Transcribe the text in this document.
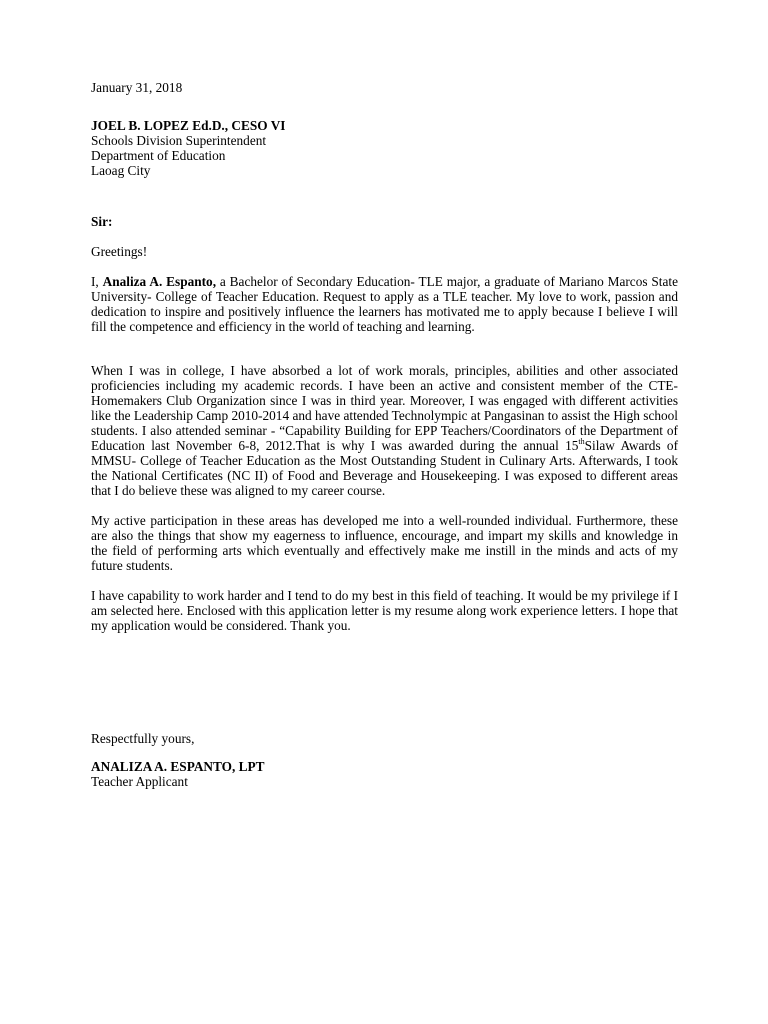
January 31, 2018

JOEL B. LOPEZ Ed.D., CESO VI

Schools Division Superintendent

Department of Education

Laoag City

Sir:

Greetings!

I, Analiza A. Espanto, a Bachelor of Secondary Education- TLE major, a graduate of Mariano Marcos State University- College of Teacher Education. Request to apply as a TLE teacher. My love to work, passion and dedication to inspire and positively influence the learners has motivated me to apply because I believe I will fill the competence and efficiency in the world of teaching and learning.

When I was in college, I have absorbed a lot of work morals, principles, abilities and other associated proficiencies including my academic records. I have been an active and consistent member of the CTE- Homemakers Club Organization since I was in third year. Moreover, I was engaged with different activities like the Leadership Camp 2010-2014 and have attended Technolympic at Pangasinan to assist the High school students. I also attended seminar - “Capability Building for EPP Teachers/Coordinators of the Department of Education last November 6-8, 2012.That is why I was awarded during the annual 15thSilaw Awards of MMSU- College of Teacher Education as the Most Outstanding Student in Culinary Arts. Afterwards, I took the National Certificates (NC II) of Food and Beverage and Housekeeping. I was exposed to different areas that I do believe these was aligned to my career course.

My active participation in these areas has developed me into a well-rounded individual. Furthermore, these are also the things that show my eagerness to influence, encourage, and impart my skills and knowledge in the field of performing arts which eventually and effectively make me instill in the minds and acts of my future students.

I have capability to work harder and I tend to do my best in this field of teaching. It would be my privilege if I am selected here. Enclosed with this application letter is my resume along work experience letters. I hope that my application would be considered. Thank you.

Respectfully yours,

ANALIZA A. ESPANTO, LPT

Teacher Applicant
